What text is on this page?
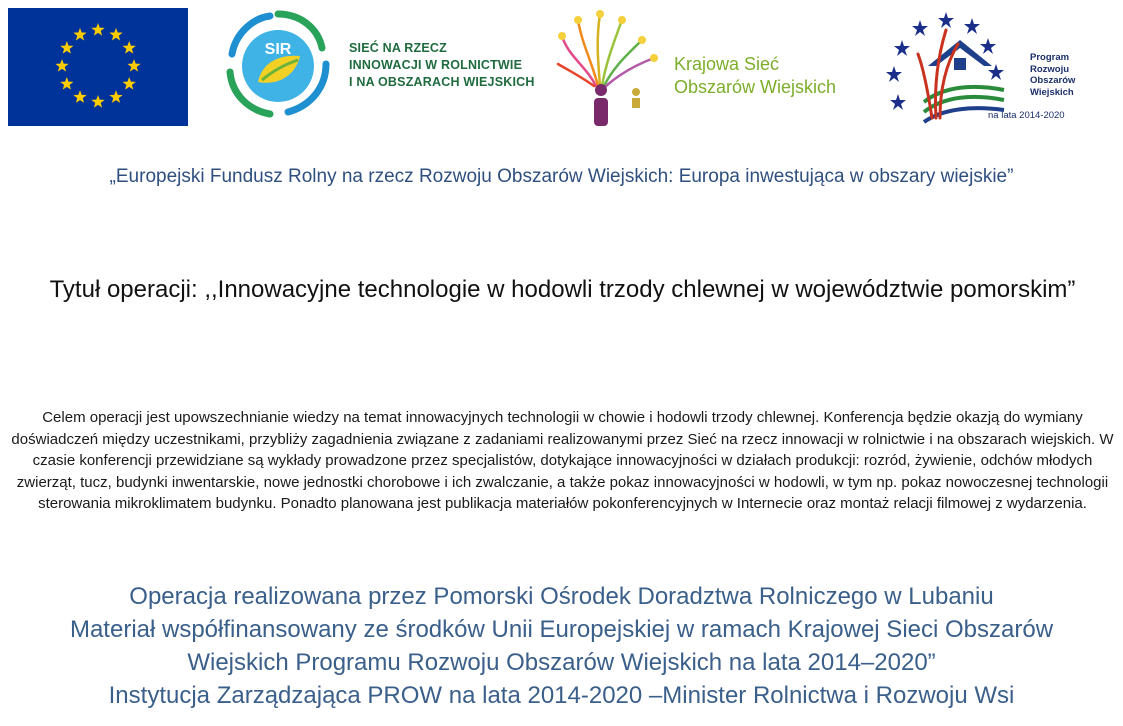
SIR	SIEĆ NA RZECZ
INNOWACJI W ROLNICTWIE
I NA OBSZARACH WIEJSKICH
Krajowa Sieć
Obszarów Wiejskich
Program
Rozwoju
Obszarów
Wiejskich
na lata 2014-2020
„Europejski Fundusz Rolny na rzecz Rozwoju Obszarów Wiejskich: Europa inwestująca w obszary wiejskie”
Tytuł operacji: ,,Innowacyjne technologie w hodowli trzody chlewnej w województwie pomorskim”
Celem operacji jest upowszechnianie wiedzy na temat innowacyjnych technologii w chowie i hodowli trzody chlewnej. Konferencja będzie okazją do wymiany doświadczeń między uczestnikami, przybliży zagadnienia związane z zadaniami realizowanymi przez Sieć na rzecz innowacji w rolnictwie i na obszarach wiejskich. W czasie konferencji przewidziane są wykłady prowadzone przez specjalistów, dotykające innowacyjności w działach produkcji: rozród, żywienie, odchów młodych zwierząt, tucz, budynki inwentarskie, nowe jednostki chorobowe i ich zwalczanie, a także pokaz innowacyjności w hodowli, w tym np. pokaz nowoczesnej technologii sterowania mikroklimatem budynku. Ponadto planowana jest publikacja materiałów pokonferencyjnych w Internecie oraz montaż relacji filmowej z wydarzenia.
Operacja realizowana przez Pomorski Ośrodek Doradztwa Rolniczego w Lubaniu
Materiał współfinansowany ze środków Unii Europejskiej w ramach Krajowej Sieci Obszarów
Wiejskich Programu Rozwoju Obszarów Wiejskich na lata 2014–2020”
Instytucja Zarządzająca PROW na lata 2014-2020 –Minister Rolnictwa i Rozwoju Wsi
